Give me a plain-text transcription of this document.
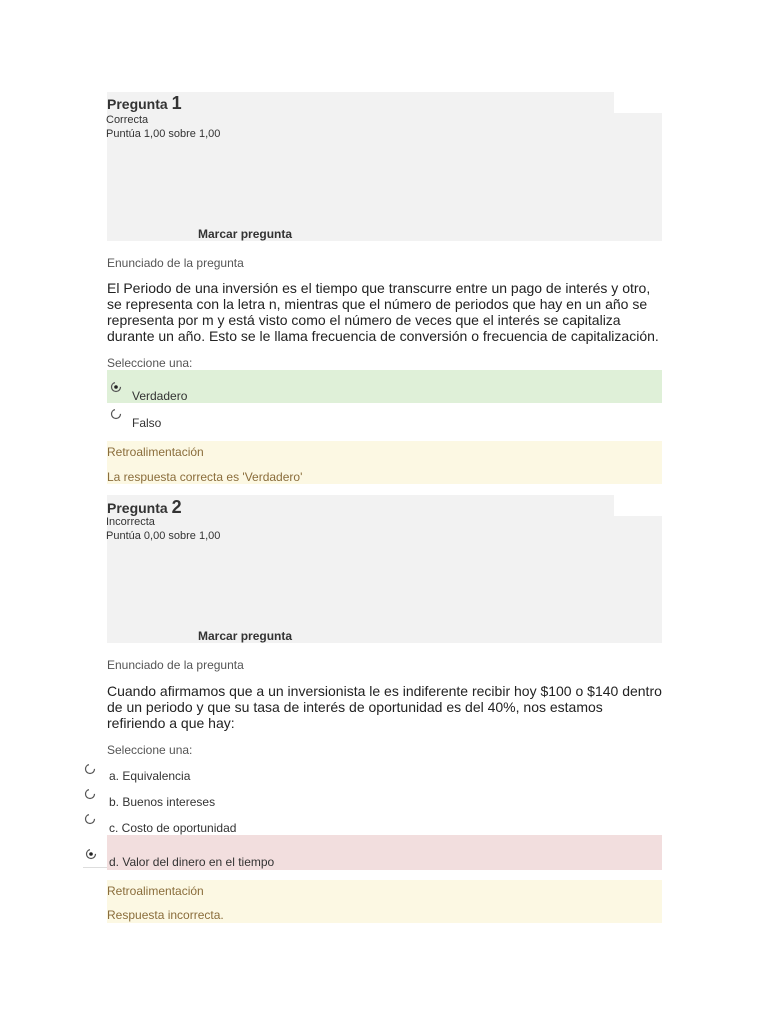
Pregunta 1
Correcta
Puntúa 1,00 sobre 1,00
Marcar pregunta
Enunciado de la pregunta
El Periodo de una inversión es el tiempo que transcurre entre un pago de interés y otro, se representa con la letra n, mientras que el número de periodos que hay en un año se representa por m y está visto como el número de veces que el interés se capitaliza durante un año. Esto se le llama frecuencia de conversión o frecuencia de capitalización.
Seleccione una:
Verdadero
Falso
Retroalimentación
La respuesta correcta es 'Verdadero'
Pregunta 2
Incorrecta
Puntúa 0,00 sobre 1,00
Marcar pregunta
Enunciado de la pregunta
Cuando afirmamos que a un inversionista le es indiferente recibir hoy $100 o $140 dentro de un periodo y que su tasa de interés de oportunidad es del 40%, nos estamos refiriendo a que hay:
Seleccione una:
a. Equivalencia
b. Buenos intereses
c. Costo de oportunidad
d. Valor del dinero en el tiempo
Retroalimentación
Respuesta incorrecta.
